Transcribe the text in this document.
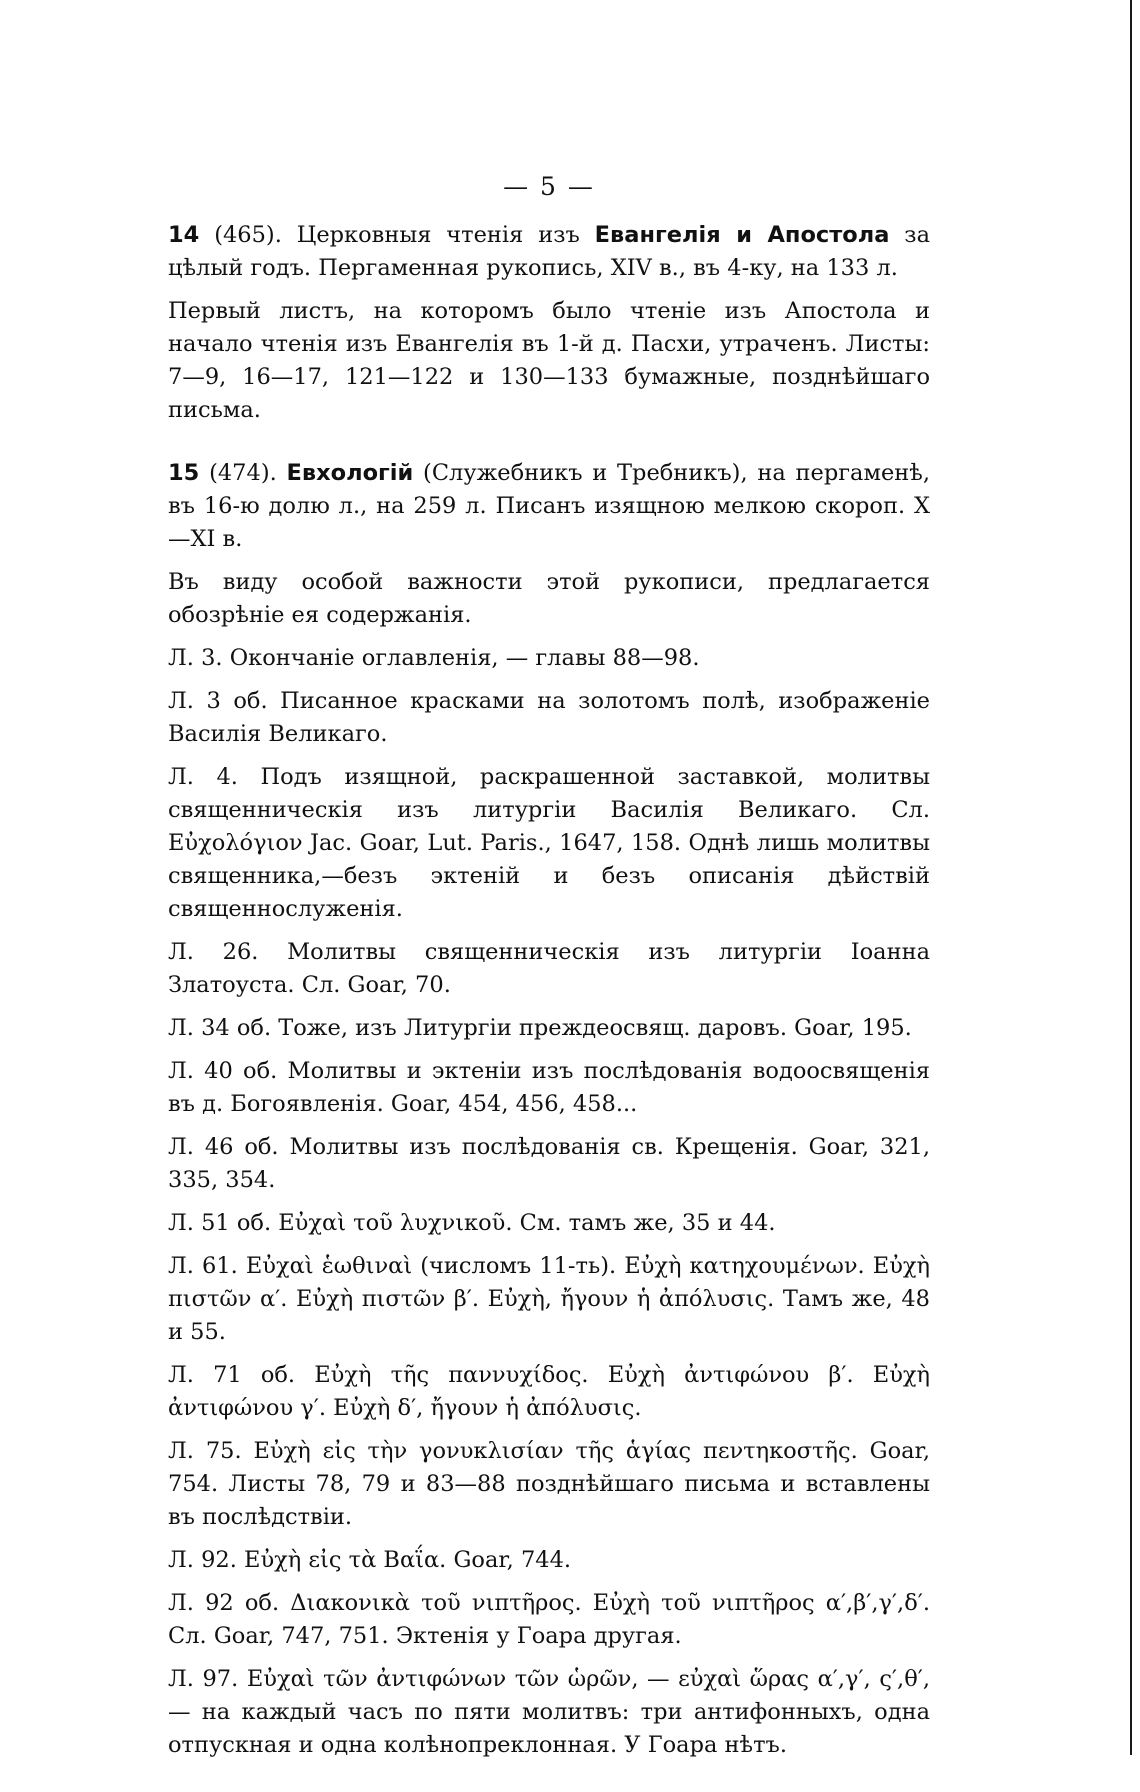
— 5 —

14 (465). Церковныя чтенія изъ Евангелія и Апостола за цѣлый годъ. Пергаменная рукопись, XIV в., въ 4-ку, на 133 л.

Первый листъ, на которомъ было чтеніе изъ Апостола и начало чтенія изъ Евангелія въ 1-й д. Пасхи, утраченъ. Листы: 7—9, 16—17, 121—122 и 130—133 бумажные, позднѣйшаго письма.

15 (474). Евхологій (Служебникъ и Требникъ), на пергаменѣ, въ 16-ю долю л., на 259 л. Писанъ изящною мелкою скороп. X—XI в.

Въ виду особой важности этой рукописи, предлагается обозрѣніе ея содержанія.

Л. 3. Окончаніе оглавленія, — главы 88—98.

Л. 3 об. Писанное красками на золотомъ полѣ, изображеніе Василія Великаго.

Л. 4. Подъ изящной, раскрашенной заставкой, молитвы священническія изъ литургіи Василія Великаго. Сл. Εὐχολόγιον Jac. Goar, Lut. Paris., 1647, 158. Однѣ лишь молитвы священника,—безъ эктеній и безъ описанія дѣйствій священнослуженія.

Л. 26. Молитвы священническія изъ литургіи Іоанна Златоуста. Сл. Goar, 70.

Л. 34 об. Тоже, изъ Литургіи преждеосвящ. даровъ. Goar, 195.

Л. 40 об. Молитвы и эктеніи изъ послѣдованія водоосвященія въ д. Богоявленія. Goar, 454, 456, 458...

Л. 46 об. Молитвы изъ послѣдованія св. Крещенія. Goar, 321, 335, 354.

Л. 51 об. Εὐχαὶ τοῦ λυχνικοῦ. См. тамъ же, 35 и 44.

Л. 61. Εὐχαὶ ἑωθιναὶ (числомъ 11-ть). Εὐχὴ κατηχουμένων. Εὐχὴ πιστῶν α′. Εὐχὴ πιστῶν β′. Εὐχὴ, ἤγουν ἡ ἀπόλυσις. Тамъ же, 48 и 55.

Л. 71 об. Εὐχὴ τῆς παννυχίδος. Εὐχὴ ἀντιφώνου β′. Εὐχὴ ἀντιφώνου γ′. Εὐχὴ δ′, ἤγουν ἡ ἀπόλυσις.

Л. 75. Εὐχὴ εἰς τὴν γονυκλισίαν τῆς ἁγίας πεντηκοστῆς. Goar, 754. Листы 78, 79 и 83—88 позднѣйшаго письма и вставлены въ послѣдствіи.

Л. 92. Εὐχὴ εἰς τὰ Βαΐα. Goar, 744.

Л. 92 об. Διακονικὰ τοῦ νιπτῆρος. Εὐχὴ τοῦ νιπτῆρος α′,β′,γ′,δ′. Сл. Goar, 747, 751. Эктенія у Гоара другая.

Л. 97. Εὐχαὶ τῶν ἀντιφώνων τῶν ὡρῶν, — εὐχαὶ ὥρας α′,γ′, ς′,θ′, — на каждый часъ по пяти молитвъ: три антифонныхъ, одна отпускная и одна колѣнопреклонная. У Гоара нѣтъ.
